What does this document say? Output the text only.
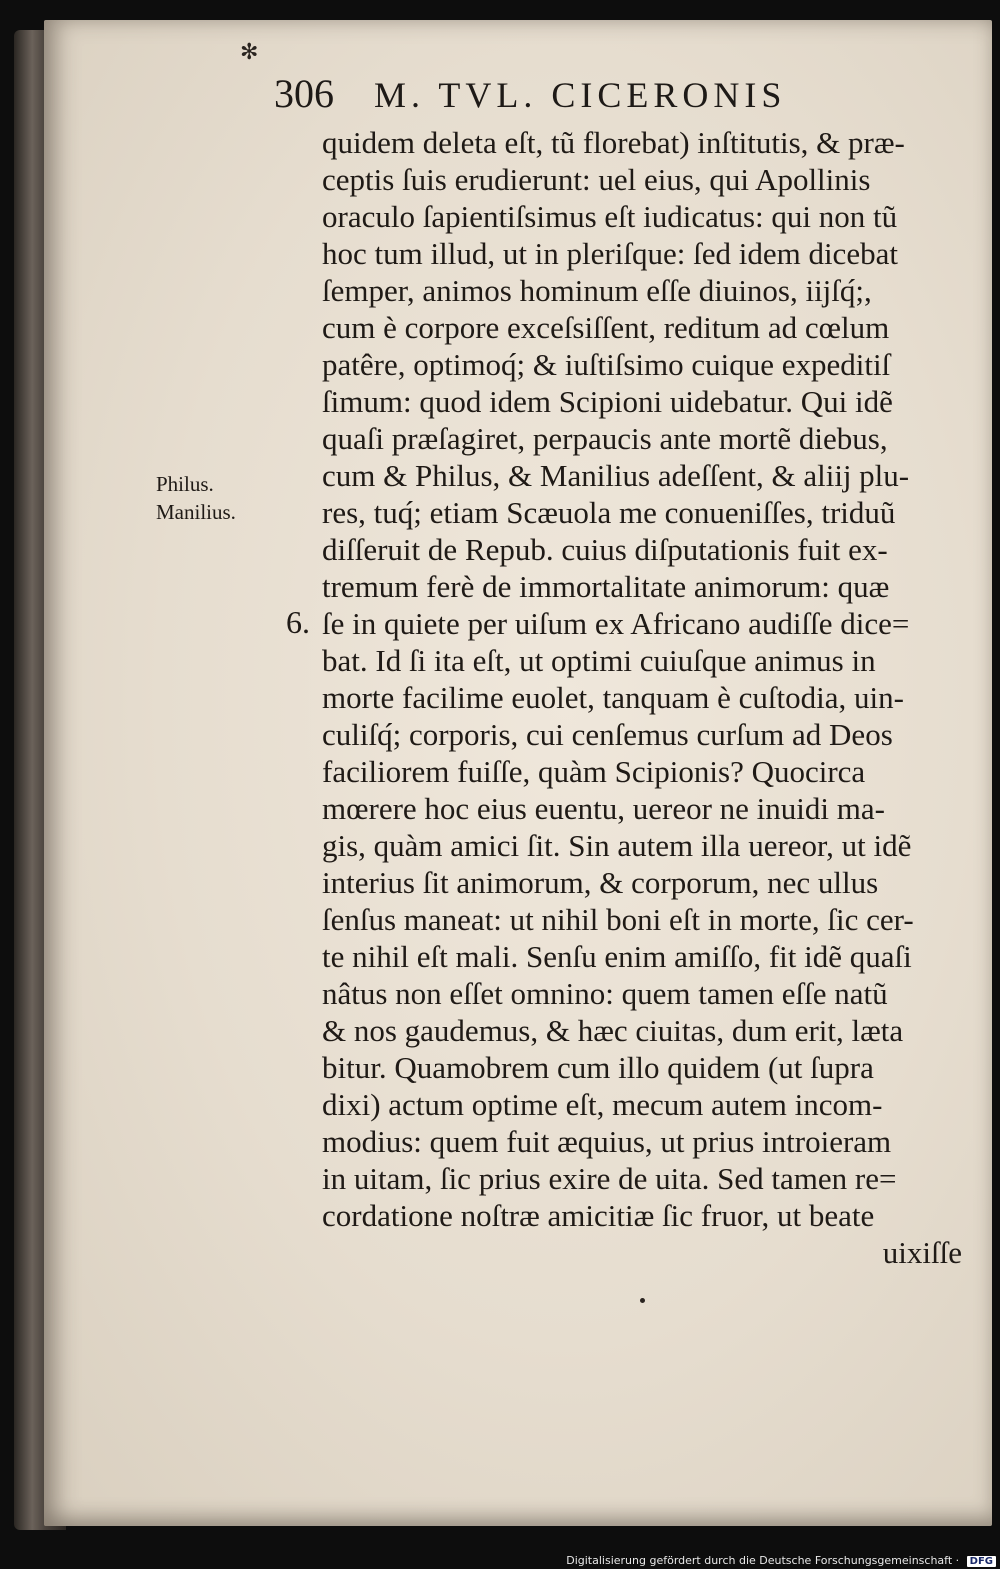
✻
306 M. TVL. CICERONIS
Philus.
Manilius.
6.
quidem deleta eſt, tũ florebat) inſtitutis, & præ-
ceptis ſuis erudierunt: uel eius, qui Apollinis
oraculo ſapientiſsimus eſt iudicatus: qui non tũ
hoc tum illud, ut in pleriſque: ſed idem dicebat
ſemper, animos hominum eſſe diuinos, iĳſq́;,
cum è corpore exceſsiſſent, reditum ad cœlum
patêre, optimoq́; & iuſtiſsimo cuique expeditiſ
ſimum: quod idem Scipioni uidebatur. Qui idẽ
quaſi præſagiret, perpaucis ante mortẽ diebus,
cum & Philus, & Manilius adeſſent, & aliĳ plu-
res, tuq́; etiam Scæuola me conueniſſes, triduũ
diſſeruit de Repub. cuius diſputationis fuit ex-
tremum ferè de immortalitate animorum: quæ
ſe in quiete per uiſum ex Africano audiſſe dice=
bat. Id ſi ita eſt, ut optimi cuiuſque animus in
morte facilime euolet, tanquam è cuſtodia, uin-
culiſq́; corporis, cui cenſemus curſum ad Deos
faciliorem fuiſſe, quàm Scipionis? Quocirca
mœrere hoc eius euentu, uereor ne inuidi ma-
gis, quàm amici ſit. Sin autem illa uereor, ut idẽ
interius ſit animorum, & corporum, nec ullus
ſenſus maneat: ut nihil boni eſt in morte, ſic cer-
te nihil eſt mali. Senſu enim amiſſo, fit idẽ quaſi
nâtus non eſſet omnino: quem tamen eſſe natũ
& nos gaudemus, & hæc ciuitas, dum erit, læta
bitur. Quamobrem cum illo quidem (ut ſupra
dixi) actum optime eſt, mecum autem incom-
modius: quem fuit æquius, ut prius introieram
in uitam, ſic prius exire de uita. Sed tamen re=
cordatione noſtræ amicitiæ ſic fruor, ut beate
uixiſſe
Digitalisierung gefördert durch die Deutsche Forschungsgemeinschaft · DFG
